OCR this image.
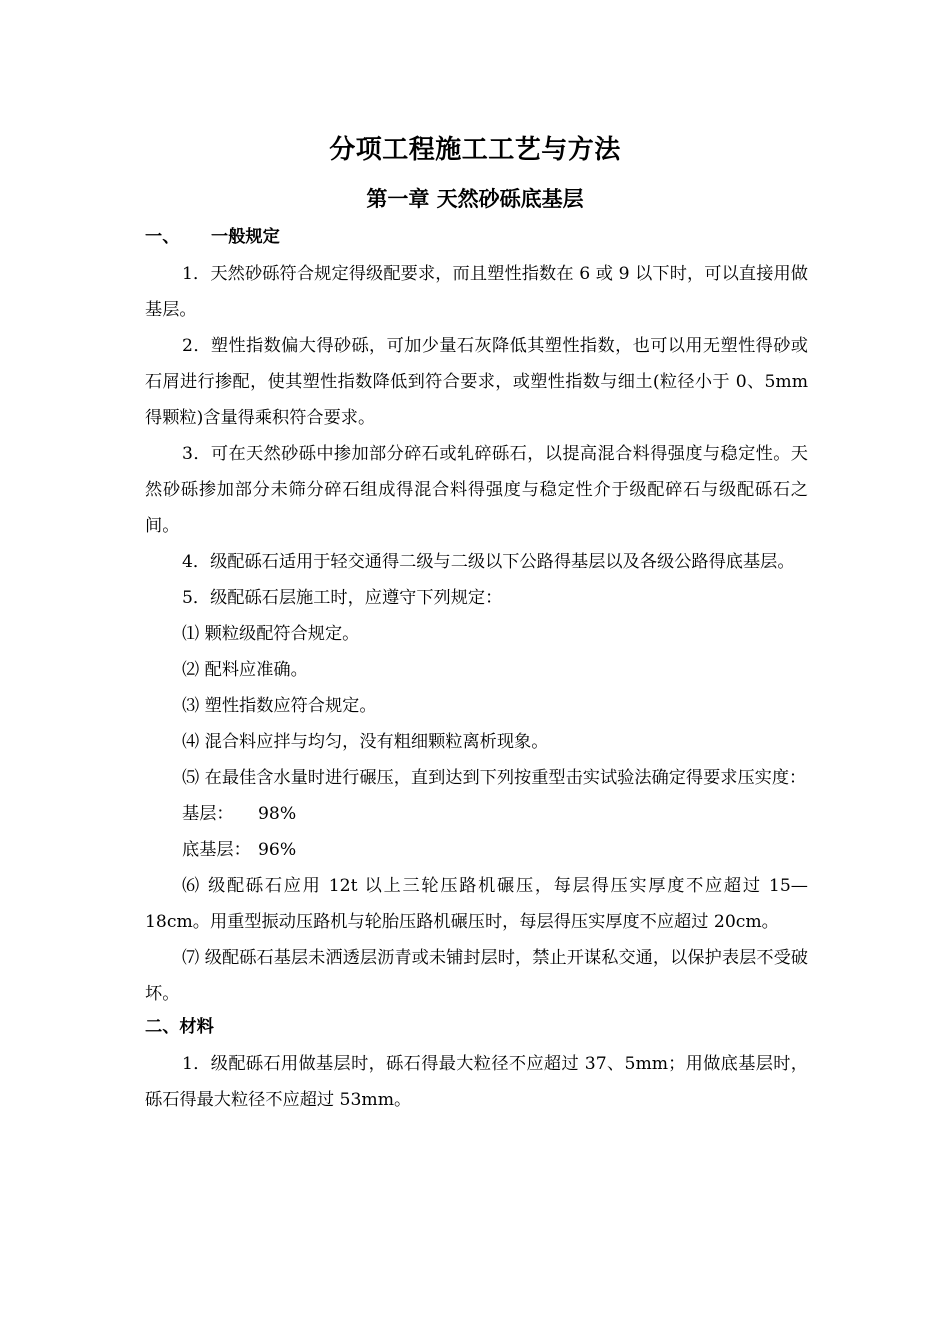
分项工程施工工艺与方法
第一章 天然砂砾底基层
一、 一般规定
1．天然砂砾符合规定得级配要求，而且塑性指数在 6 或 9 以下时，可以直接用做基层。
2．塑性指数偏大得砂砾，可加少量石灰降低其塑性指数，也可以用无塑性得砂或石屑进行掺配，使其塑性指数降低到符合要求，或塑性指数与细土(粒径小于 0、5mm 得颗粒)含量得乘积符合要求。
3．可在天然砂砾中掺加部分碎石或轧碎砾石，以提高混合料得强度与稳定性。天然砂砾掺加部分未筛分碎石组成得混合料得强度与稳定性介于级配碎石与级配砾石之间。
4．级配砾石适用于轻交通得二级与二级以下公路得基层以及各级公路得底基层。
5．级配砾石层施工时，应遵守下列规定：
⑴ 颗粒级配符合规定。
⑵ 配料应准确。
⑶ 塑性指数应符合规定。
⑷ 混合料应拌与均匀，没有粗细颗粒离析现象。
⑸ 在最佳含水量时进行碾压，直到达到下列按重型击实试验法确定得要求压实度：
基层： 98%
底基层： 96%
⑹ 级配砾石应用 12t 以上三轮压路机碾压，每层得压实厚度不应超过 15—18cm。用重型振动压路机与轮胎压路机碾压时，每层得压实厚度不应超过 20cm。
⑺ 级配砾石基层未洒透层沥青或未铺封层时，禁止开谋私交通，以保护表层不受破坏。
二、材料
1．级配砾石用做基层时，砾石得最大粒径不应超过 37、5mm；用做底基层时，砾石得最大粒径不应超过 53mm。
